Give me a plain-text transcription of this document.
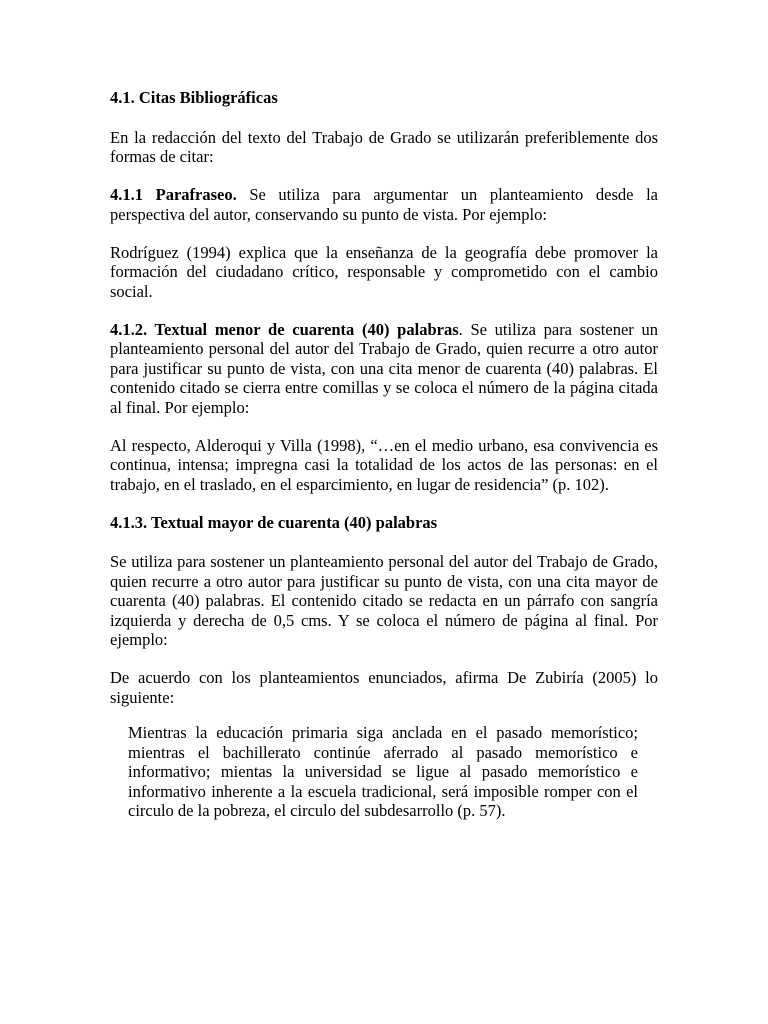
4.1. Citas Bibliográficas
En la redacción del texto del Trabajo de Grado se utilizarán preferiblemente dos formas de citar:
4.1.1 Parafraseo. Se utiliza para argumentar un planteamiento desde la perspectiva del autor, conservando su punto de vista. Por ejemplo:
Rodríguez (1994) explica que la enseñanza de la geografía debe promover la formación del ciudadano crítico, responsable y comprometido con el cambio social.
4.1.2. Textual menor de cuarenta (40) palabras. Se utiliza para sostener un planteamiento personal del autor del Trabajo de Grado, quien recurre a otro autor para justificar su punto de vista, con una cita menor de cuarenta (40) palabras. El contenido citado se cierra entre comillas y se coloca el número de la página citada al final. Por ejemplo:
Al respecto, Alderoqui y Villa (1998), “…en el medio urbano, esa convivencia es continua, intensa; impregna casi la totalidad de los actos de las personas: en el trabajo, en el traslado, en el esparcimiento, en lugar de residencia” (p. 102).
4.1.3. Textual mayor de cuarenta (40) palabras
Se utiliza para sostener un planteamiento personal del autor del Trabajo de Grado, quien recurre a otro autor para justificar su punto de vista, con una cita mayor de cuarenta (40) palabras. El contenido citado se redacta en un párrafo con sangría izquierda y derecha de 0,5 cms. Y se coloca el número de página al final. Por ejemplo:
De acuerdo con los planteamientos enunciados, afirma De Zubiría (2005) lo siguiente:
Mientras la educación primaria siga anclada en el pasado memorístico; mientras el bachillerato continúe aferrado al pasado memorístico e informativo; mientas la universidad se ligue al pasado memorístico e informativo inherente a la escuela tradicional, será imposible romper con el circulo de la pobreza, el circulo del subdesarrollo (p. 57).
